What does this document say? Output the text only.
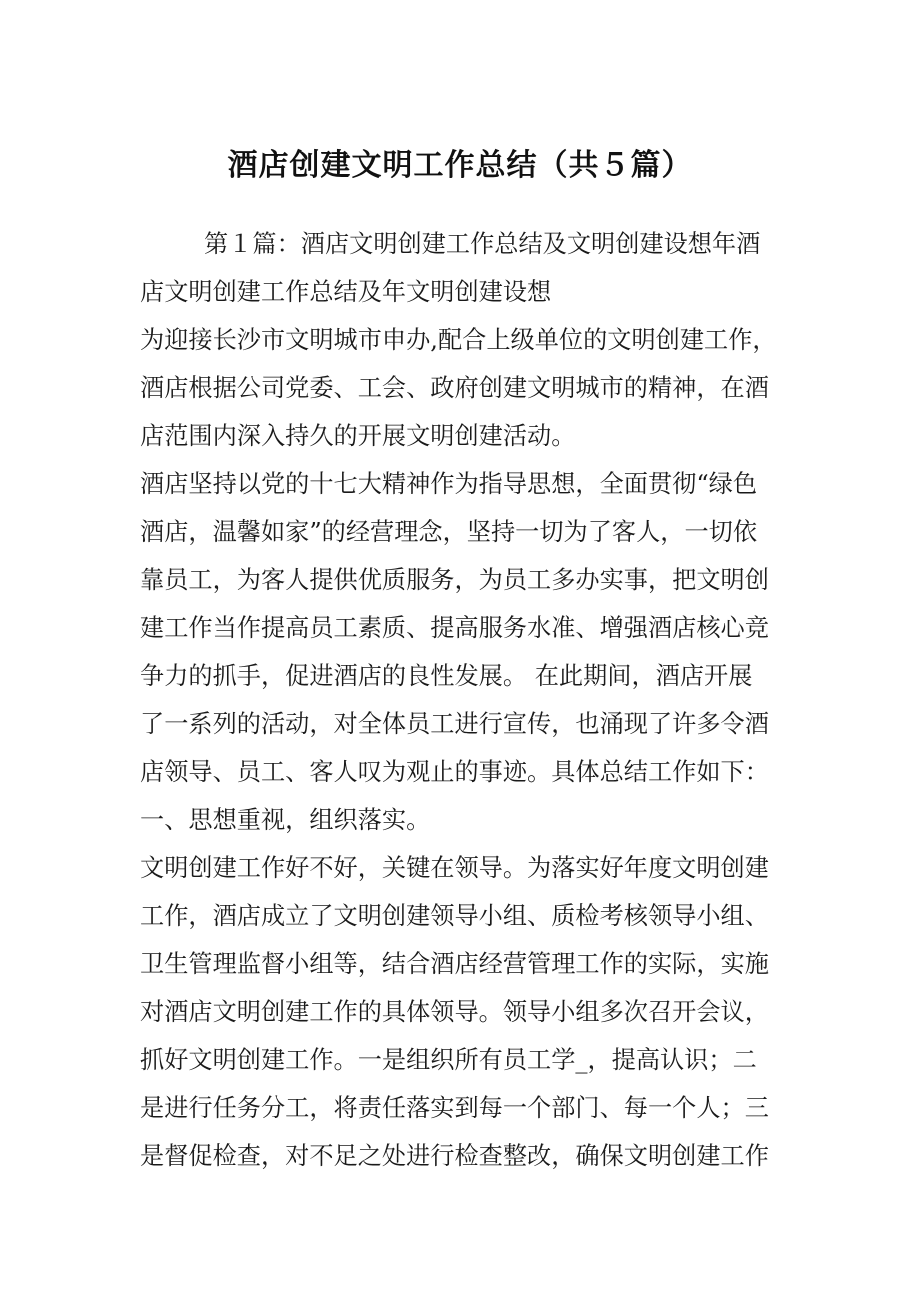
酒店创建文明工作总结（共５篇）
第１篇：酒店文明创建工作总结及文明创建设想年酒
店文明创建工作总结及年文明创建设想
为迎接长沙市文明城市申办,配合上级单位的文明创建工作，
酒店根据公司党委、工会、政府创建文明城市的精神，在酒
店范围内深入持久的开展文明创建活动。
酒店坚持以党的十七大精神作为指导思想，全面贯彻“绿色
酒店，温馨如家”的经营理念，坚持一切为了客人，一切依
靠员工，为客人提供优质服务，为员工多办实事，把文明创
建工作当作提高员工素质、提高服务水准、增强酒店核心竞
争力的抓手，促进酒店的良性发展。 在此期间，酒店开展
了一系列的活动，对全体员工进行宣传，也涌现了许多令酒
店领导、员工、客人叹为观止的事迹。具体总结工作如下：
一、思想重视，组织落实。
文明创建工作好不好，关键在领导。为落实好年度文明创建
工作，酒店成立了文明创建领导小组、质检考核领导小组、
卫生管理监督小组等，结合酒店经营管理工作的实际，实施
对酒店文明创建工作的具体领导。领导小组多次召开会议，
抓好文明创建工作。一是组织所有员工学_，提高认识；二
是进行任务分工，将责任落实到每一个部门、每一个人；三
是督促检查，对不足之处进行检查整改，确保文明创建工作
